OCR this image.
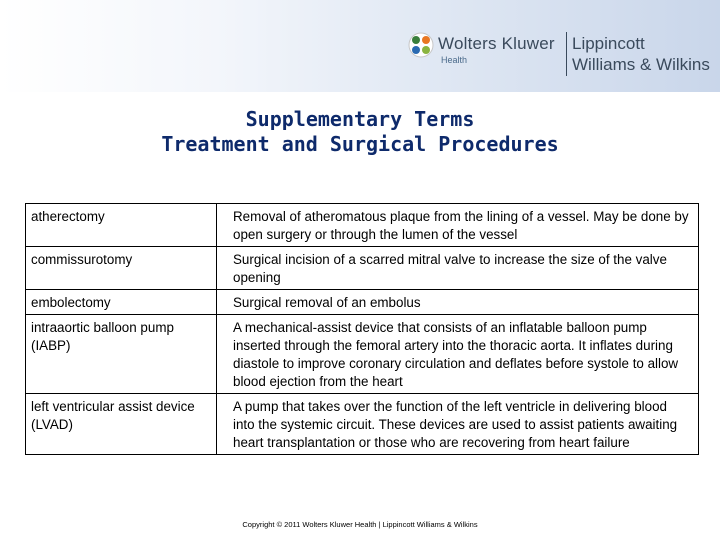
Wolters Kluwer
Health
Lippincott
Williams & Wilkins
Supplementary Terms
Treatment and Surgical Procedures
atherectomy	Removal of atheromatous plaque from the lining of a vessel. May be done by open surgery or through the lumen of the vessel
commissurotomy	Surgical incision of a scarred mitral valve to increase the size of the valve opening
embolectomy	Surgical removal of an embolus
intraaortic balloon pump (IABP)	A mechanical-assist device that consists of an inflatable balloon pump inserted through the femoral artery into the thoracic aorta. It inflates during diastole to improve coronary circulation and deflates before systole to allow blood ejection from the heart
left ventricular assist device (LVAD)	A pump that takes over the function of the left ventricle in delivering blood into the systemic circuit. These devices are used to assist patients awaiting heart transplantation or those who are recovering from heart failure
Copyright © 2011 Wolters Kluwer Health | Lippincott Williams & Wilkins
